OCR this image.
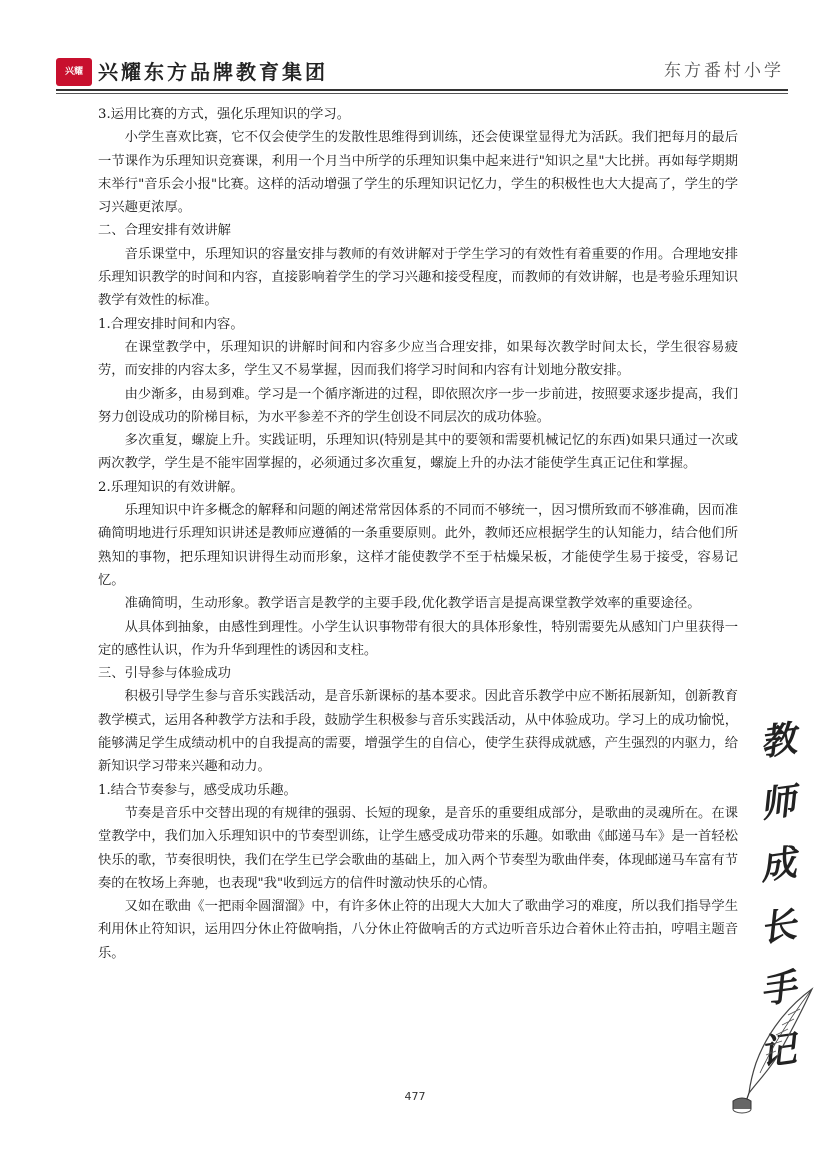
兴耀 兴耀东方品牌教育集团	东方番村小学

3.运用比赛的方式，强化乐理知识的学习。

小学生喜欢比赛，它不仅会使学生的发散性思维得到训练，还会使课堂显得尤为活跃。我们把每月的最后一节课作为乐理知识竞赛课，利用一个月当中所学的乐理知识集中起来进行"知识之星"大比拼。再如每学期期末举行"音乐会小报"比赛。这样的活动增强了学生的乐理知识记忆力，学生的积极性也大大提高了，学生的学习兴趣更浓厚。

二、合理安排有效讲解

音乐课堂中，乐理知识的容量安排与教师的有效讲解对于学生学习的有效性有着重要的作用。合理地安排乐理知识教学的时间和内容，直接影响着学生的学习兴趣和接受程度，而教师的有效讲解，也是考验乐理知识教学有效性的标准。

1.合理安排时间和内容。

在课堂教学中，乐理知识的讲解时间和内容多少应当合理安排，如果每次教学时间太长，学生很容易疲劳，而安排的内容太多，学生又不易掌握，因而我们将学习时间和内容有计划地分散安排。

由少渐多，由易到难。学习是一个循序渐进的过程，即依照次序一步一步前进，按照要求逐步提高，我们努力创设成功的阶梯目标，为水平参差不齐的学生创设不同层次的成功体验。

多次重复，螺旋上升。实践证明，乐理知识(特别是其中的要领和需要机械记忆的东西)如果只通过一次或两次教学，学生是不能牢固掌握的，必须通过多次重复，螺旋上升的办法才能使学生真正记住和掌握。

2.乐理知识的有效讲解。

乐理知识中许多概念的解释和问题的阐述常常因体系的不同而不够统一，因习惯所致而不够准确，因而准确简明地进行乐理知识讲述是教师应遵循的一条重要原则。此外，教师还应根据学生的认知能力，结合他们所熟知的事物，把乐理知识讲得生动而形象，这样才能使教学不至于枯燥呆板，才能使学生易于接受，容易记忆。

准确简明，生动形象。教学语言是教学的主要手段,优化教学语言是提高课堂教学效率的重要途径。

从具体到抽象，由感性到理性。小学生认识事物带有很大的具体形象性，特别需要先从感知门户里获得一定的感性认识，作为升华到理性的诱因和支柱。

三、引导参与体验成功

积极引导学生参与音乐实践活动，是音乐新课标的基本要求。因此音乐教学中应不断拓展新知，创新教育教学模式，运用各种教学方法和手段，鼓励学生积极参与音乐实践活动，从中体验成功。学习上的成功愉悦，能够满足学生成绩动机中的自我提高的需要，增强学生的自信心，使学生获得成就感，产生强烈的内驱力，给新知识学习带来兴趣和动力。

1.结合节奏参与，感受成功乐趣。

节奏是音乐中交替出现的有规律的强弱、长短的现象，是音乐的重要组成部分，是歌曲的灵魂所在。在课堂教学中，我们加入乐理知识中的节奏型训练，让学生感受成功带来的乐趣。如歌曲《邮递马车》是一首轻松快乐的歌，节奏很明快，我们在学生已学会歌曲的基础上，加入两个节奏型为歌曲伴奏，体现邮递马车富有节奏的在牧场上奔驰，也表现"我"收到远方的信件时激动快乐的心情。

又如在歌曲《一把雨伞圆溜溜》中，有许多休止符的出现大大加大了歌曲学习的难度，所以我们指导学生利用休止符知识，运用四分休止符做响指，八分休止符做响舌的方式边听音乐边合着休止符击拍，哼唱主题音乐。

教
师
成
长
手
记
477
